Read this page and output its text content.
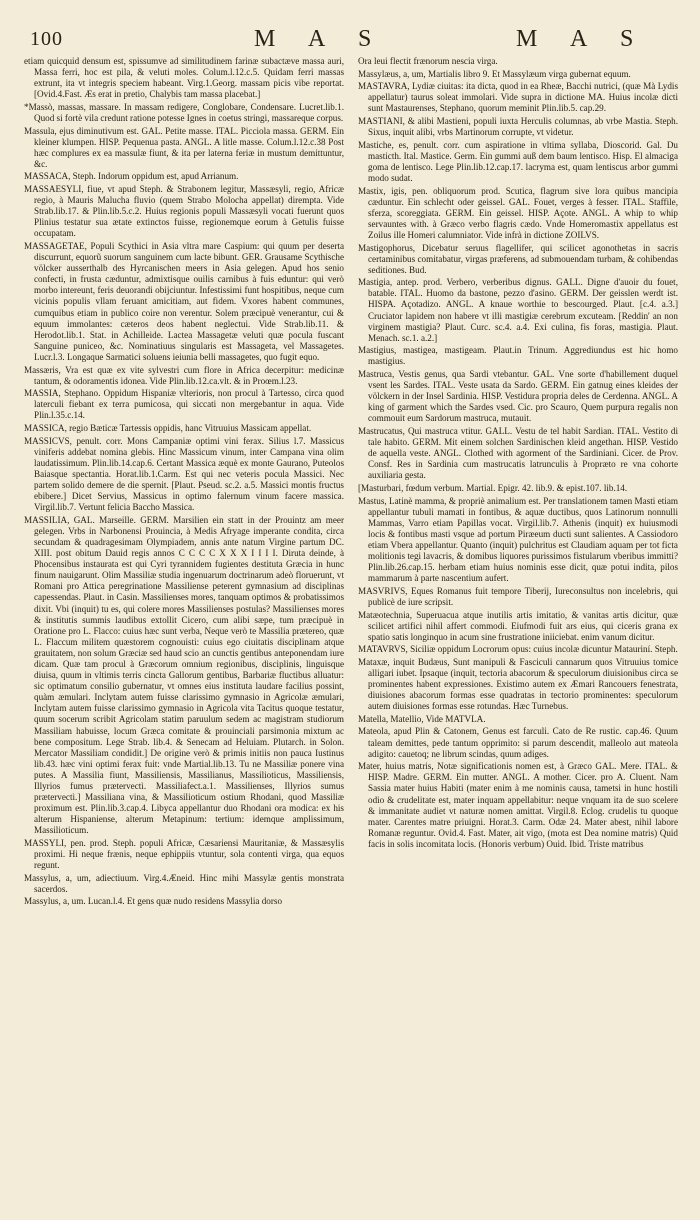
100	M A S	M A S

etiam quicquid densum est, spissumve ad similitudinem farinæ subactæve massa auri, Massa ferri, hoc est pila, & veluti moles. Colum.l.12.c.5. Quidam ferri massas extrunt, ita vt integris speciem habeant. Virg.1.Georg. massam picis vibe reportat. [Ovid.4.Fast. Æs erat in pretio, Chalybis tam massa placebat.]

*Massò, massas, massare. In massam redigere, Conglobare, Condensare. Lucret.lib.1. Quod si fortè vila credunt ratione potesse Ignes in coetus stringi, massareque corpus.

Massula, ejus diminutivum est. GAL. Petite masse. ITAL. Picciola massa. GERM. Ein kleiner klumpen. HISP. Pequenua pasta. ANGL. A litle masse. Colum.l.12.c.38 Post hæc complures ex ea massulæ fiunt, & ita per laterna feriæ in mustum demittuntur, &c.

MASSACA, Steph. Indorum oppidum est, apud Arrianum.

MASSAESYLI, fiue, vt apud Steph. & Strabonem legitur, Massæsyli, regio, Africæ regio, à Mauris Malucha fluvio (quem Strabo Molocha appellat) dirempta. Vide Strab.lib.17. & Plin.lib.5.c.2. Huius regionis populi Massæsyli vocati fuerunt quos Plinius testatur sua ætate extinctos fuisse, regionemque eorum à Getulis fuisse occupatam.

MASSAGETAE, Populi Scythici in Asia vltra mare Caspium: qui quum per deserta discurrunt, equorũ suorum sanguinem cum lacte bibunt. GER. Grausame Scythische völcker ausserthalb des Hyrcanischen meers in Asia gelegen. Apud hos senio confecti, in frusta cæduntur, admixtisque ouilis carnibus à fuis eduntur: qui verò morbo intereunt, feris deuorandi obijciuntur. Infestissimi funt hospitibus, neque cum vicinis populis vllam feruant amicitiam, aut fidem. Vxores habent communes, cumquibus etiam in publico coire non verentur. Solem præcipuè venerantur, cui & equum immolantes: cæteros deos habent neglectui. Vide Strab.lib.11. & Herodot.lib.1. Stat. in Achilleide. Lactea Massagetæ veluti quæ pocula fuscant Sanguine puniceo, &c. Nominatiuus singularis est Massageta, vel Massagetes. Lucr.l.3. Longaque Sarmatici soluens ieiunia belli massagetes, quo fugit equo.

Massæris, Vra est quæ ex vite sylvestri cum flore in Africa decerpitur: medicinæ tantum, & odoramentis idonea. Vide Plin.lib.12.ca.vlt. & in Proœm.l.23.

MASSIA, Stephano. Oppidum Hispaniæ vlterioris, non procul à Tartesso, circa quod laterculi fiebant ex terra pumicosa, qui siccati non mergebantur in aqua. Vide Plin.l.35.c.14.

MASSICA, regio Bæticæ Tartessis oppidis, hanc Vitruuius Massicam appellat.

MASSICVS, penult. corr. Mons Campaniæ optimi vini ferax. Silius l.7. Massicus viniferis addebat nomina glebis. Hinc Massicum vinum, inter Campana vina olim laudatissimum. Plin.lib.14.cap.6. Certant Massica æquè ex monte Gaurano, Puteolos Baiasque spectantia. Horat.lib.1.Carm. Est qui nec veteris pocula Massici. Nec partem solido demere de die spernit. [Plaut. Pseud. sc.2. a.5. Massici montis fructus ebibere.] Dicet Servius, Massicus in optimo falernum vinum facere massica. Virgil.lib.7. Vertunt felicia Baccho Massica.

MASSILIA, GAL. Marseille. GERM. Marsilien ein statt in der Prouintz am meer gelegen. Vrbs in Narbonensi Prouincia, à Medis Afryage imperante condita, circa secundam & quadragesimam Olympiadem, annis ante natum Virgine partum DC. XIII. post obitum Dauid regis annos C C C C X X X I I I I. Diruta deinde, à Phocensibus instaurata est qui Cyri tyrannidem fugientes destituta Græcia in hunc finum nauigarunt. Olim Massiliæ studia ingenuarum doctrinarum adeò floruerunt, vt Romani pro Attica peregrinatione Massiliense peterent gymnasium ad disciplinas capessendas. Plaut. in Casin. Massilienses mores, tanquam optimos & probatissimos dixit. Vbi (inquit) tu es, qui colere mores Massilienses postulas? Massilienses mores & institutis summis laudibus extollit Cicero, cum alibi sæpe, tum præcipuè in Oratione pro L. Flacco: cuius hæc sunt verba, Neque verò te Massilia prætereo, quæ L. Flaccum militem quæstorem cognouisti: cuius ego ciuitatis disciplinam atque grauitatem, non solum Græciæ sed haud scio an cunctis gentibus anteponendam iure dicam. Quæ tam procul à Græcorum omnium regionibus, disciplinis, linguisque diuisa, quum in vltimis terris cincta Gallorum gentibus, Barbariæ fluctibus alluatur: sic optimatum consilio gubernatur, vt omnes eius instituta laudare facilius possint, quàm æmulari. Inclytam autem fuisse clarissimo gymnasio in Agricolæ æmulari, Inclytam autem fuisse clarissimo gymnasio in Agricola vita Tacitus quoque testatur, quum socerum scribit Agricolam statim paruulum sedem ac magistram studiorum Massiliam habuisse, locum Græca comitate & prouinciali parsimonia mixtum ac bene compositum. Lege Strab. lib.4. & Senecam ad Heluiam. Plutarch. in Solon. Mercator Massiliam condidit.] De origine verò & primis initiis non pauca Iustinus lib.43. hæc vini optimi ferax fuit: vnde Martial.lib.13. Tu ne Massiliæ ponere vina putes. A Massilia fiunt, Massiliensis, Massilianus, Massilioticus, Massiliensis, Illyrios fumus prætervectì. Massiliafect.a.1. Massilienses, Illyrios sumus prætervectì.] Massiliana vina, & Massilioticum ostium Rhodani, quod Massiliæ proximum est. Plin.lib.3.cap.4. Libyca appellantur duo Rhodani ora modica: ex his alterum Hispaniense, alterum Metapinum: tertium: idemque amplissimum, Massilioticum.

MASSYLI, pen. prod. Steph. populi Africæ, Cæsariensi Mauritaniæ, & Massæsylis proximi. Hi neque frænis, neque ephippiis vtuntur, sola contenti virga, qua equos regunt.

Massylus, a, um, adiectiuum. Virg.4.Æneid. Hinc mihi Massylæ gentis monstrata sacerdos.

Massylus, a, um. Lucan.l.4. Et gens quæ nudo residens Massylia dorso

Ora leui flectit frænorum nescia virga.

Massylæus, a, um, Martialis libro 9. Et Massylæum virga gubernat equum.

MASTAVRA, Lydiæ ciuitas: ita dicta, quod in ea Rheæ, Bacchi nutrici, (quæ Mà Lydis appellatur) taurus soleat immolari. Vide supra in dictione MA. Huius incolæ dicti sunt Mastaurenses, Stephano, quorum meminit Plin.lib.5. cap.29.

MASTIANI, & alibi Mastieni, populi iuxta Herculis columnas, ab vrbe Mastia. Steph. Sixus, inquit alibi, vrbs Martinorum corrupte, vt videtur.

Mastiche, es, penult. corr. cum aspiratione in vltima syllaba, Dioscorid. Gal. Du masticth. Ital. Mastice. Germ. Ein gummi auß dem baum lentisco. Hisp. El almaciga goma de lentisco. Lege Plin.lib.12.cap.17. lacryma est, quam lentiscus arbor gummi modo sudat.

Mastix, igis, pen. obliquorum prod. Scutica, flagrum sive lora quibus mancipia cæduntur. Ein schlecht oder geissel. GAL. Fouet, verges à fesser. ITAL. Staffile, sferza, scoreggiata. GERM. Ein geissel. HISP. Açote. ANGL. A whip to whip servauntes with. à Græco verbo flagris cædo. Vnde Homeromastix appellatus est Zoilus ille Homeri calumniator. Vide infrà in dictione ZOILVS.

Mastigophorus, Dicebatur seruus flagellifer, qui scilicet agonothetas in sacris certaminibus comitabatur, virgas præferens, ad submouendam turbam, & cohibendas seditiones. Bud.

Mastigia, antep. prod. Verbero, verberibus dignus. GALL. Digne d'auoir du fouet, batable. ITAL. Huomo da bastone, pezzo d'asino. GERM. Der geisslen werdt ist. HISPA. Açotadizo. ANGL. A knaue worthie to bescourged. Plaut. [c.4. a.3.] Cruciator lapidem non habere vt illi mastigiæ cerebrum excuteam. [Reddin' an non virginem mastigia? Plaut. Curc. sc.4. a.4. Exi culina, fis foras, mastigia. Plaut. Menach. sc.1. a.2.]

Mastigius, mastigea, mastigeam. Plaut.in Trinum. Aggrediundus est hic homo mastigius.

Mastruca, Vestis genus, qua Sardi vtebantur. GAL. Vne sorte d'habillement duquel vsent les Sardes. ITAL. Veste usata da Sardo. GERM. Ein gatnug eines kleides der völckern in der Insel Sardinia. HISP. Vestidura propria deles de Cerdenna. ANGL. A king of garment which the Sardes vsed. Cic. pro Scauro, Quem purpura regalis non commouit eum Sardorum mastruca, mutauit.

Mastrucatus, Qui mastruca vtitur. GALL. Vestu de tel habit Sardian. ITAL. Vestito di tale habito. GERM. Mit einem solchen Sardinischen kleid angethan. HISP. Vestido de aquella veste. ANGL. Clothed with agorment of the Sardiniani. Cicer. de Prov. Consf. Res in Sardinia cum mastrucatis latrunculis à Propræto re vna cohorte auxiliaria gesta.

[Masturbari, fœdum verbum. Martial. Epigr. 42. lib.9. & epist.107. lib.14.

Mastus, Latinè mamma, & propriè animalium est. Per translationem tamen Masti etiam appellantur tubuli mamati in fontibus, & aquæ ductibus, quos Latinorum nonnulli Mammas, Varro etiam Papillas vocat. Virgil.lib.7. Athenis (inquit) ex huiusmodi locis & fontibus masti vsque ad portum Piræeum ducti sunt salientes. A Cassiodoro etiam Vbera appellantur. Quanto (inquit) pulchritus est Claudiam aquam per tot ficta molitionis tegi lavacris, & domibus liquores purissimos fistularum vberibus immitti? Plin.lib.26.cap.15. herbam etiam huius nominis esse dicit, quæ potui indita, pilos mammarum à parte nascentium aufert.

MASVRIVS, Eques Romanus fuit tempore Tiberij, Iureconsultus non incelebris, qui publicè de iure scripsit.

Matæotechnia, Superuacua atque inutilis artis imitatio, & vanitas artis dicitur, quæ scilicet artifici nihil affert commodi. Eiufmodi fuit ars eius, qui ciceris grana ex spatio satis longinquo in acum sine frustratione iniiciebat. enim vanum dicitur.

MATAVRVS, Siciliæ oppidum Locrorum opus: cuius incolæ dicuntur Matauriní. Steph.

Mataxæ, inquit Budæus, Sunt manipuli & Fasciculi cannarum quos Vitruuius tomice alligari iubet. Ipsaque (inquit, tectoria abacorum & speculorum diuisionibus circa se prominentes habent expressiones. Existimo autem ex Æmari Rancouers fenestrata, diuisiones abacorum formas esse quadratas in tectorio prominentes: speculorum autem diuisiones formas esse rotundas. Hæc Turnebus.

Matella, Matellio, Vide MATVLA.

Mateola, apud Plin & Catonem, Genus est farculi. Cato de Re rustic. cap.46. Quum taleam demittes, pede tantum opprimito: si parum descendit, malleolo aut mateola adigito: cauetoq; ne librum scindas, quum adiges.

Mater, huius matris, Notæ significationis nomen est, à Græco GAL. Mere. ITAL. & HISP. Madre. GERM. Ein mutter. ANGL. A mother. Cicer. pro A. Cluent. Nam Sassia mater huius Habiti (mater enim à me nominis causa, tametsi in hunc hostili odio & crudelitate est, mater inquam appellabitur: neque vnquam ita de suo scelere & immanitate audiet vt naturæ nomen amittat. Virgil.8. Eclog. crudelis tu quoque mater. Carentes matre priuigni. Horat.3. Carm. Odæ 24. Mater abest, nihil labore Romanæ reguntur. Ovid.4. Fast. Mater, ait vigo, (mota est Dea nomine matris) Quid facis in solis incomitata locis. (Honoris verbum) Ouid. Ibid. Triste matribus
